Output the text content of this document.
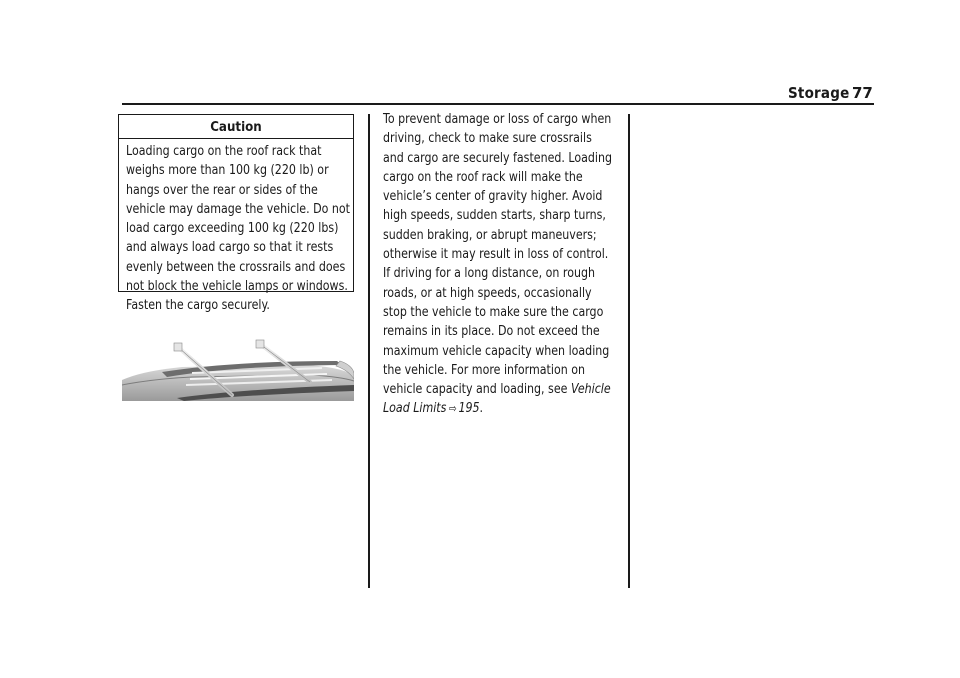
Storage 77
Caution

Loading cargo on the roof rack that weighs more than 100 kg (220 lb) or hangs over the rear or sides of the vehicle may damage the vehicle. Do not load cargo exceeding 100 kg (220 lbs) and always load cargo so that it rests evenly between the crossrails and does not block the vehicle lamps or windows. Fasten the cargo securely.

To prevent damage or loss of cargo when driving, check to make sure crossrails and cargo are securely fastened. Loading cargo on the roof rack will make the vehicle’s center of gravity higher. Avoid high speeds, sudden starts, sharp turns, sudden braking, or abrupt maneuvers; otherwise it may result in loss of control. If driving for a long distance, on rough roads, or at high speeds, occasionally stop the vehicle to make sure the cargo remains in its place. Do not exceed the maximum vehicle capacity when loading the vehicle. For more information on vehicle capacity and loading, see Vehicle Load Limits ⇨ 195.
